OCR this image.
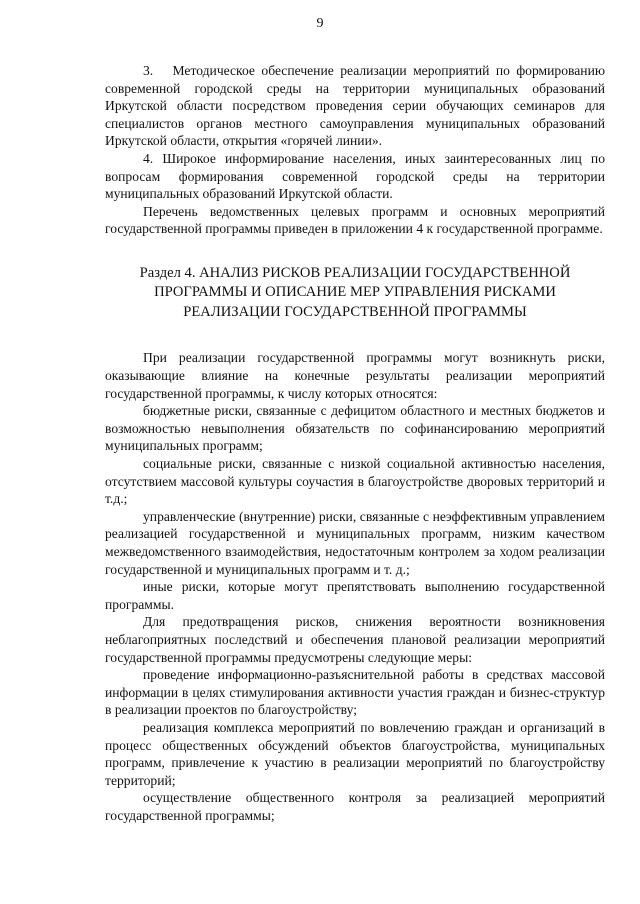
9

3.   Методическое обеспечение реализации мероприятий по формированию современной городской среды на территории муниципальных образований Иркутской области посредством проведения серии обучающих семинаров для специалистов органов местного самоуправления муниципальных образований Иркутской области, открытия «горячей линии».

4. Широкое информирование населения, иных заинтересованных лиц по вопросам формирования современной городской среды на территории муниципальных образований Иркутской области.

Перечень ведомственных целевых программ и основных мероприятий государственной программы приведен в приложении 4 к государственной программе.

Раздел 4. АНАЛИЗ РИСКОВ РЕАЛИЗАЦИИ ГОСУДАРСТВЕННОЙ
ПРОГРАММЫ И ОПИСАНИЕ МЕР УПРАВЛЕНИЯ РИСКАМИ
РЕАЛИЗАЦИИ ГОСУДАРСТВЕННОЙ ПРОГРАММЫ

При реализации государственной программы могут возникнуть риски, оказывающие влияние на конечные результаты реализации мероприятий государственной программы, к числу которых относятся:

бюджетные риски, связанные с дефицитом областного и местных бюджетов и возможностью невыполнения обязательств по софинансированию мероприятий муниципальных программ;

социальные риски, связанные с низкой социальной активностью населения, отсутствием массовой культуры соучастия в благоустройстве дворовых территорий и т.д.;

управленческие (внутренние) риски, связанные с неэффективным управлением реализацией государственной и муниципальных программ, низким качеством межведомственного взаимодействия, недостаточным контролем за ходом реализации государственной и муниципальных программ и т. д.;

иные риски, которые могут препятствовать выполнению государственной программы.

Для предотвращения рисков, снижения вероятности возникновения неблагоприятных последствий и обеспечения плановой реализации мероприятий государственной программы предусмотрены следующие меры:

проведение информационно-разъяснительной работы в средствах массовой информации в целях стимулирования активности участия граждан и бизнес-структур в реализации проектов по благоустройству;

реализация комплекса мероприятий по вовлечению граждан и организаций в процесс общественных обсуждений объектов благоустройства, муниципальных программ, привлечение к участию в реализации мероприятий по благоустройству территорий;

осуществление общественного контроля за реализацией мероприятий государственной программы;
